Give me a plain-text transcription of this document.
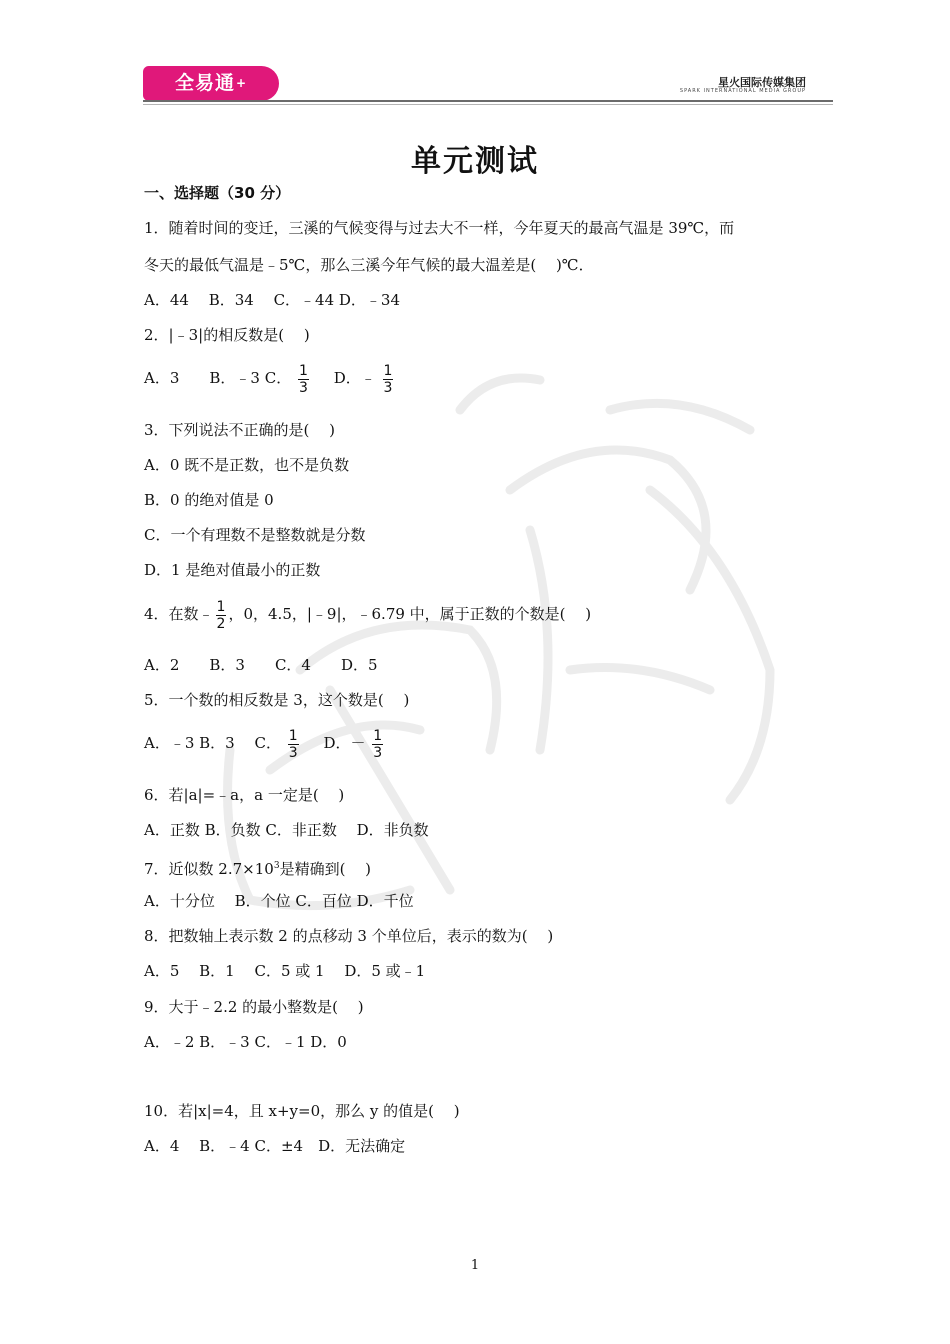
全易通+	星火国际传媒集团
SPARK INTERNATIONAL MEDIA GROUP
单元测试
一、选择题（30 分）
1．随着时间的变迁，三溪的气候变得与过去大不一样，今年夏天的最高气温是 39℃，而
冬天的最低气温是﹣5℃，那么三溪今年气候的最大温差是(　 )℃．
A．44　 B．34　 C．﹣44 D．﹣34
2．|﹣3|的相反数是(　 )
A．3　　B．﹣3 C． $\frac{1}{3}$ D．﹣ $\frac{1}{3}$
3．下列说法不正确的是(　 )
A．0 既不是正数，也不是负数
B．0 的绝对值是 0
C．一个有理数不是整数就是分数
D．1 是绝对值最小的正数
4．在数﹣ $\frac{1}{2}$ ，0，4.5，|﹣9|，﹣6.79 中，属于正数的个数是(　 )
A．2　　B．3　　C．4　　D．5
5．一个数的相反数是 3，这个数是(　 )
A．﹣3 B．3　 C． $\frac{1}{3}$ D．－ $\frac{1}{3}$
6．若|a|=﹣a，a 一定是(　 )
A．正数 B．负数 C．非正数　 D．非负数
7．近似数 $2.7\times 10^3$是精确到(　 )
A．十分位　 B．个位 C．百位 D．千位
8．把数轴上表示数 2 的点移动 3 个单位后，表示的数为(　 )
A．5　 B．1　 C．5 或 1　 D．5 或﹣1
9．大于﹣2.2 的最小整数是(　 )
A．﹣2 B．﹣3 C．﹣1 D．0
10．若|x|=4，且 x+y=0，那么 y 的值是(　 )
A．4　 B．﹣4 C．±4　D．无法确定
1
